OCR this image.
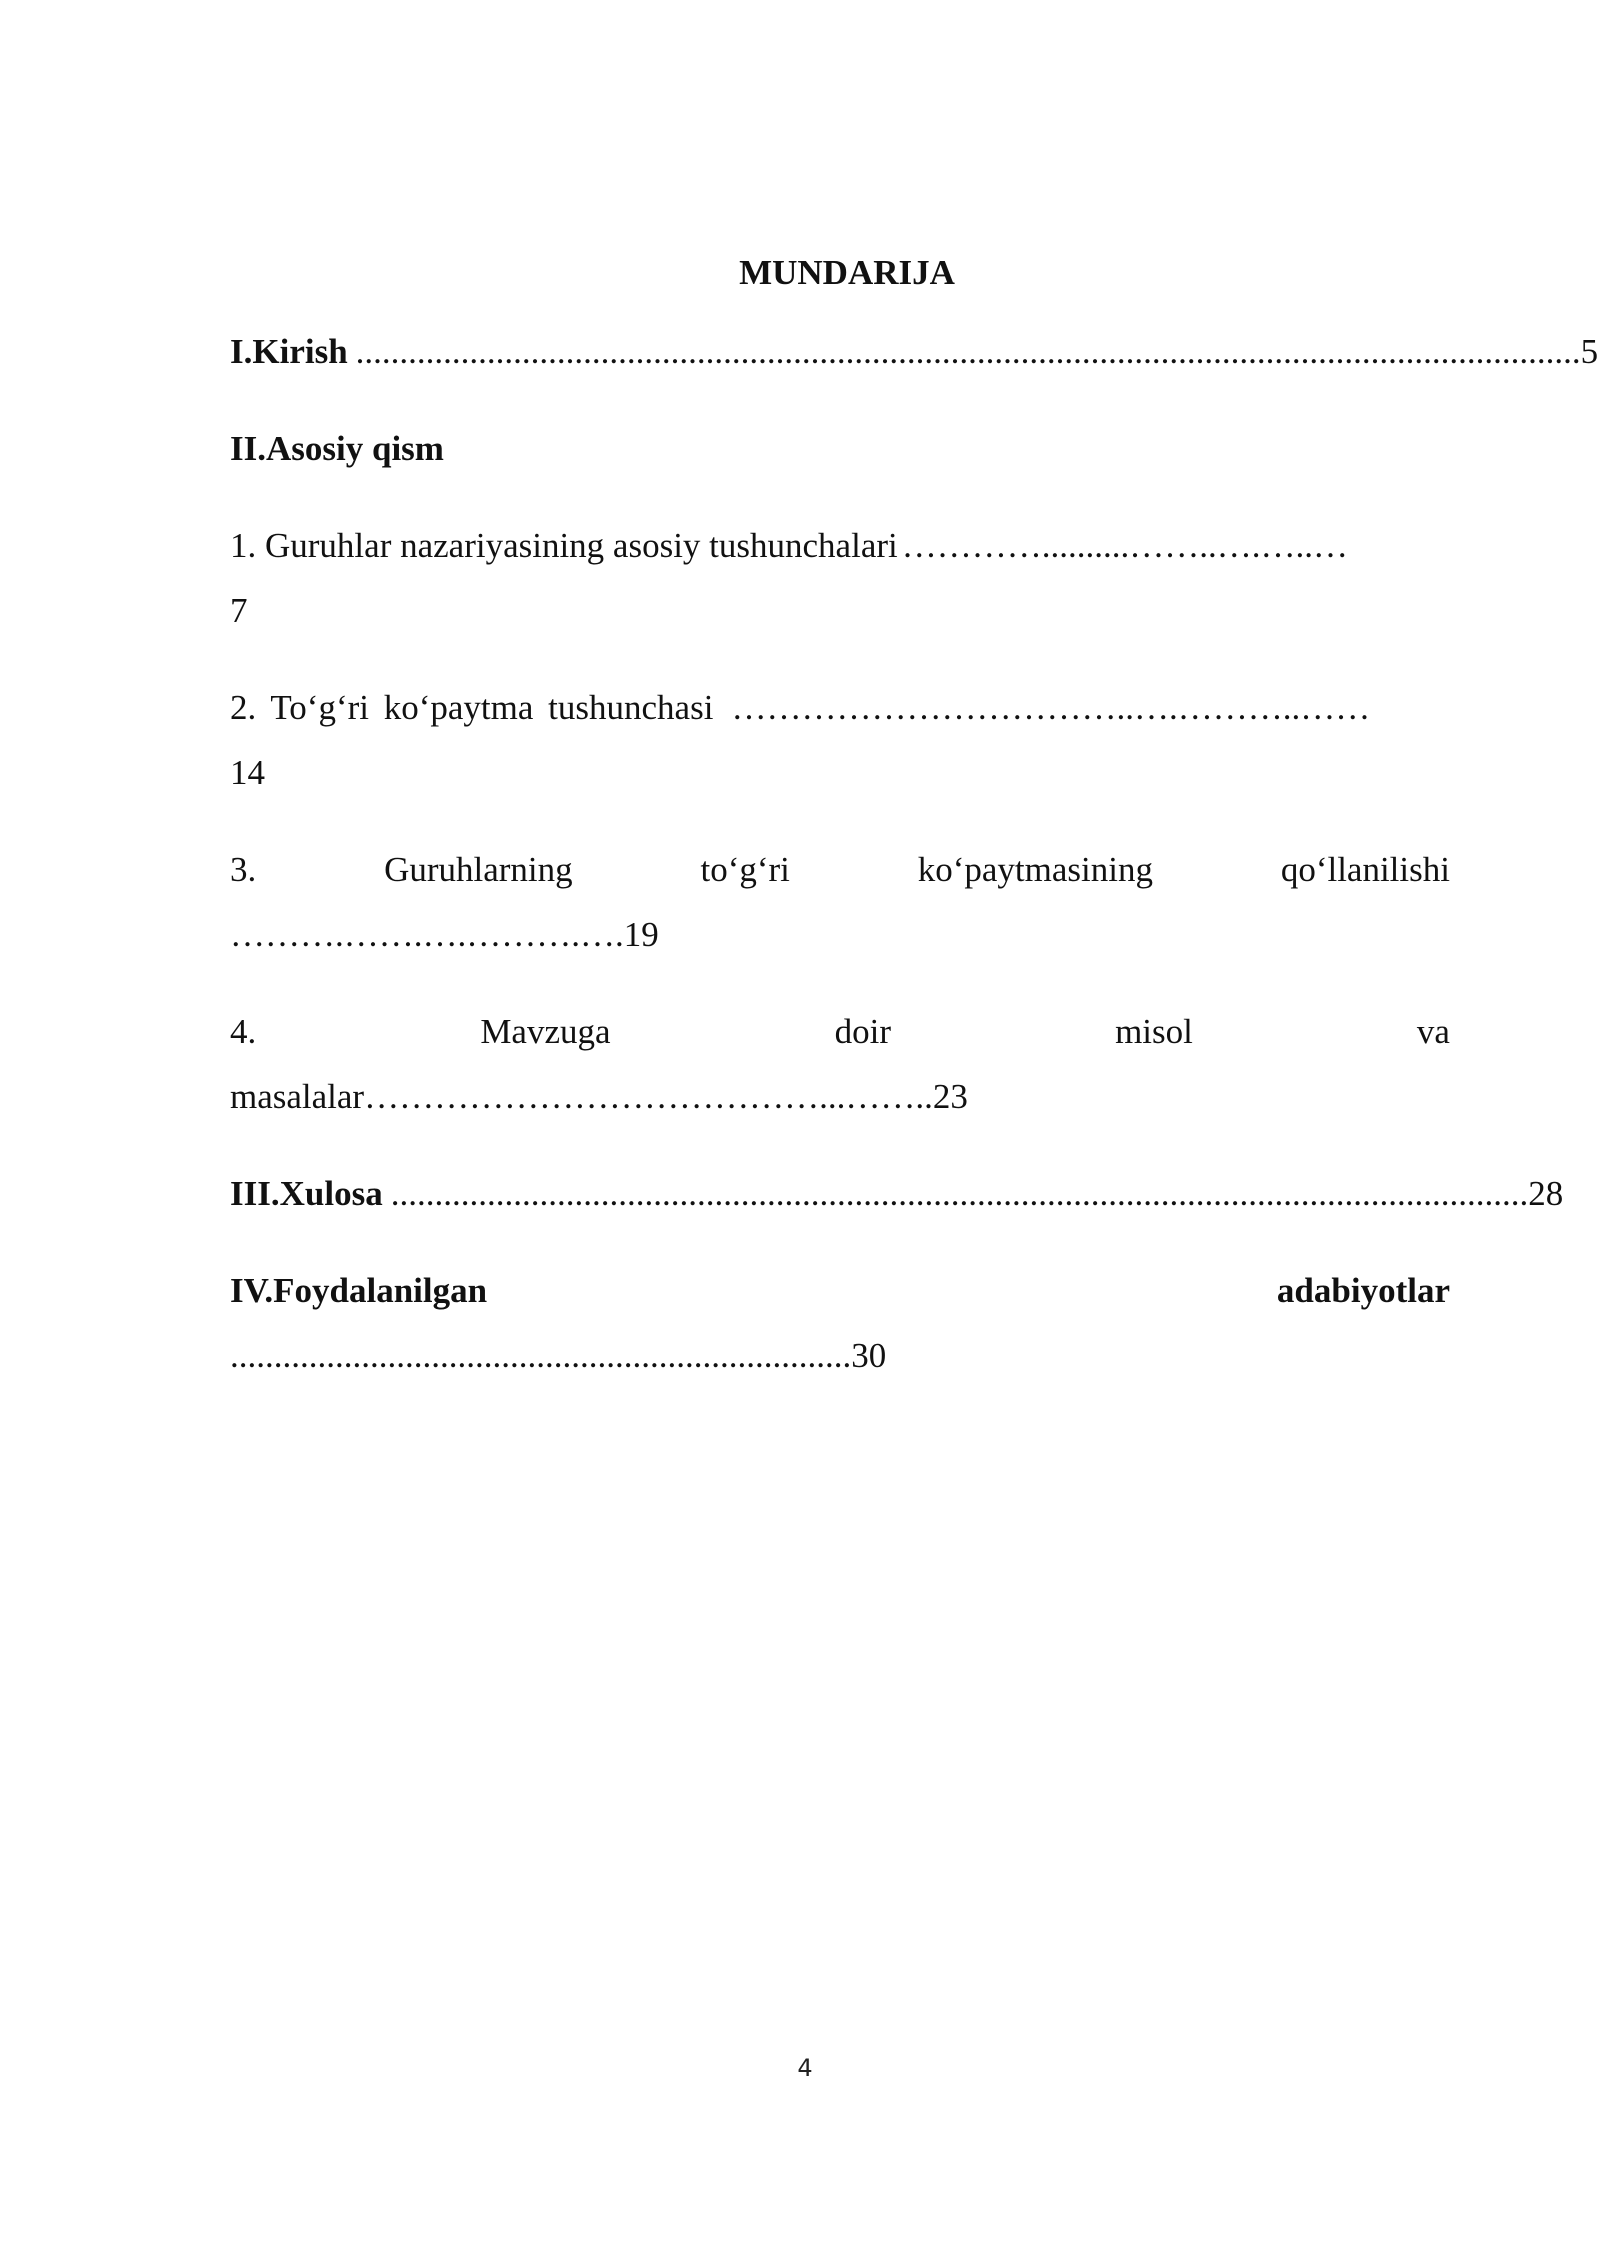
MUNDARIJA
I.Kirish ............................................................................................................................................ 5
II.Asosiy qism
1. Guruhlar nazariyasining asosiy tushunchalari …………..........……..….…..…
7
2. To‘g‘ri ko‘paytma tushunchasi ……………………………..….………..……
14
3.	Guruhlarning	to‘g‘ri	ko‘paytmasining	qo‘llanilishi
……….…….….……….….19
4.	Mavzuga	doir	misol	va
masalalar…………………………………...……..23
III.Xulosa .................................................................................................................................. 28
IV.Foydalanilgan	adabiyotlar
.......................................................................30
4
